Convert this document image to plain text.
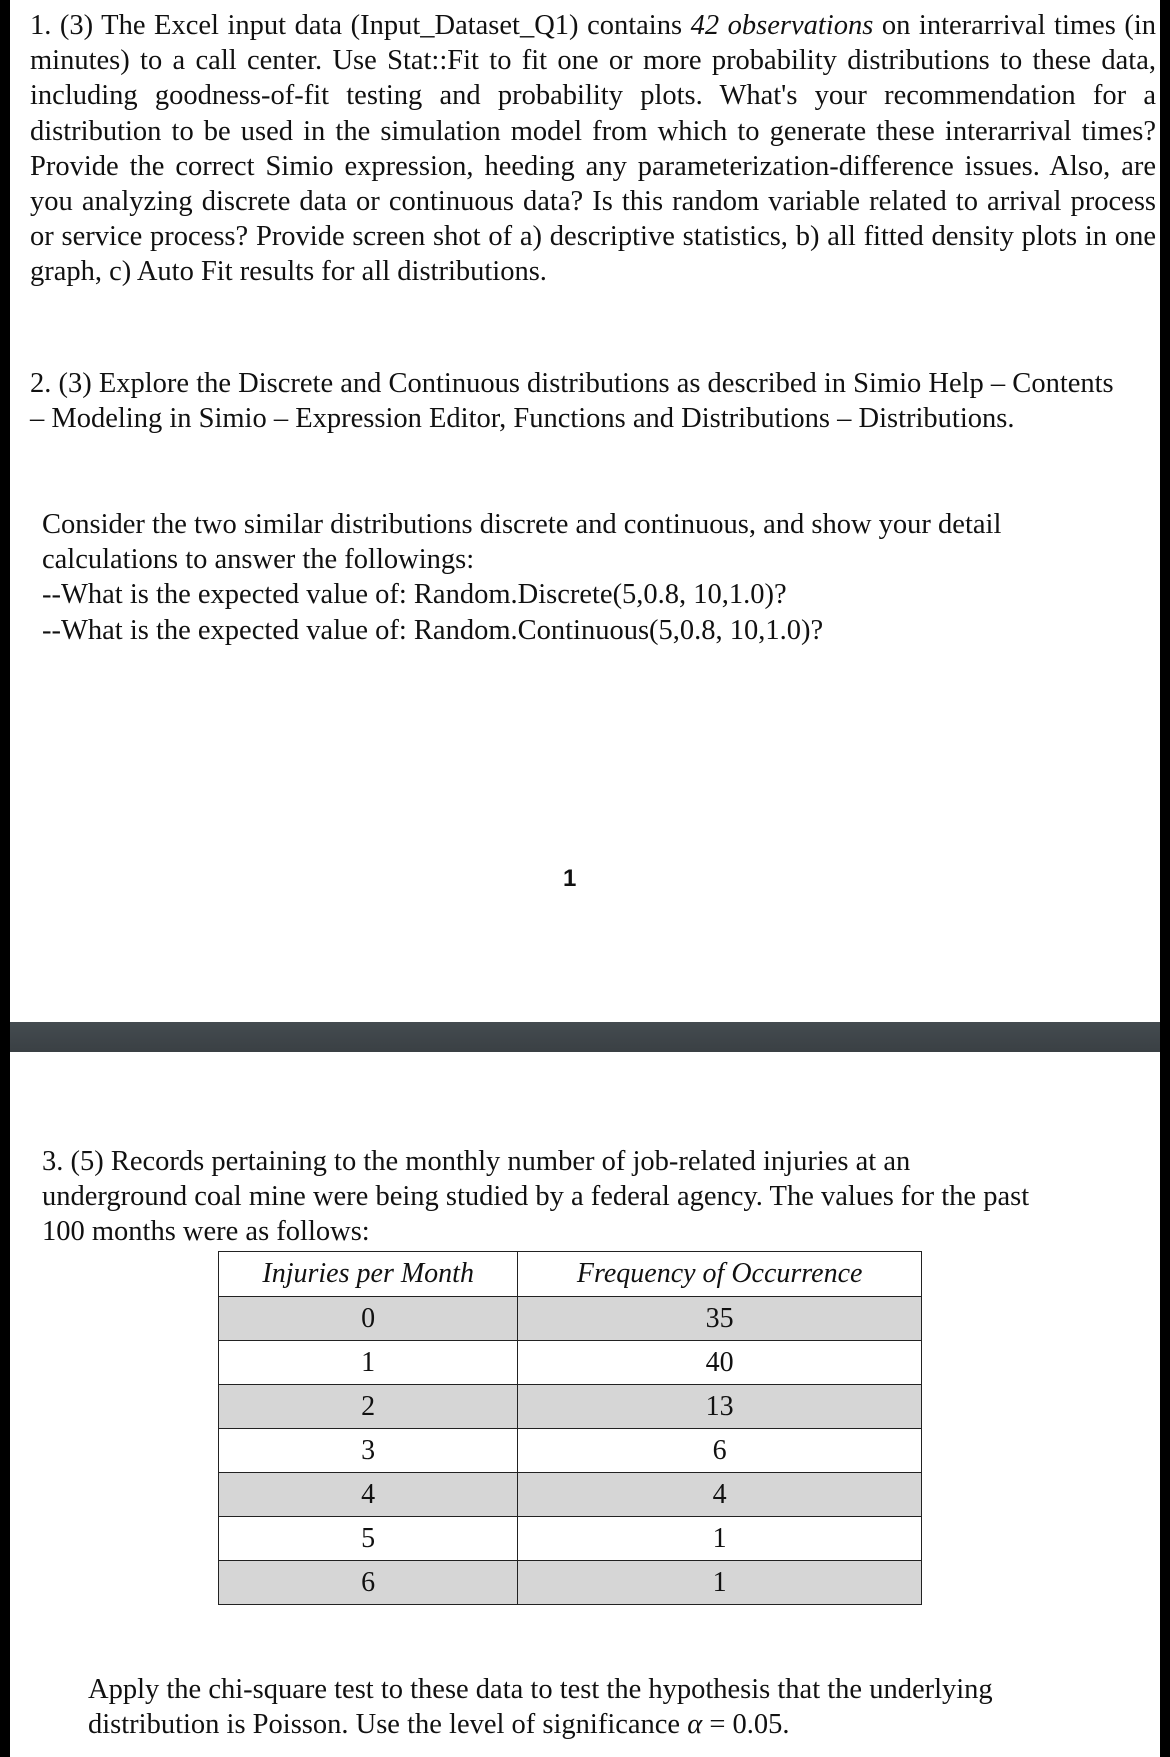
1. (3) The Excel input data (Input_Dataset_Q1) contains 42 observations on interarrival times (in minutes) to a call center. Use Stat::Fit to fit one or more probability distributions to these data, including goodness-of-fit testing and probability plots. What's your recommendation for a distribution to be used in the simulation model from which to generate these interarrival times? Provide the correct Simio expression, heeding any parameterization-difference issues. Also, are you analyzing discrete data or continuous data? Is this random variable related to arrival process or service process? Provide screen shot of a) descriptive statistics, b) all fitted density plots in one graph, c) Auto Fit results for all distributions.

2. (3) Explore the Discrete and Continuous distributions as described in Simio Help – Contents – Modeling in Simio – Expression Editor, Functions and Distributions – Distributions.

Consider the two similar distributions discrete and continuous, and show your detail
calculations to answer the followings:
--What is the expected value of: Random.Discrete(5,0.8, 10,1.0)?
--What is the expected value of: Random.Continuous(5,0.8, 10,1.0)?

1

3. (5) Records pertaining to the monthly number of job-related injuries at an
underground coal mine were being studied by a federal agency. The values for the past
100 months were as follows:

Injuries per Month	Frequency of Occurrence
0	35
1	40
2	13
3	6
4	4
5	1
6	1

Apply the chi-square test to these data to test the hypothesis that the underlying
distribution is Poisson. Use the level of significance α = 0.05.
